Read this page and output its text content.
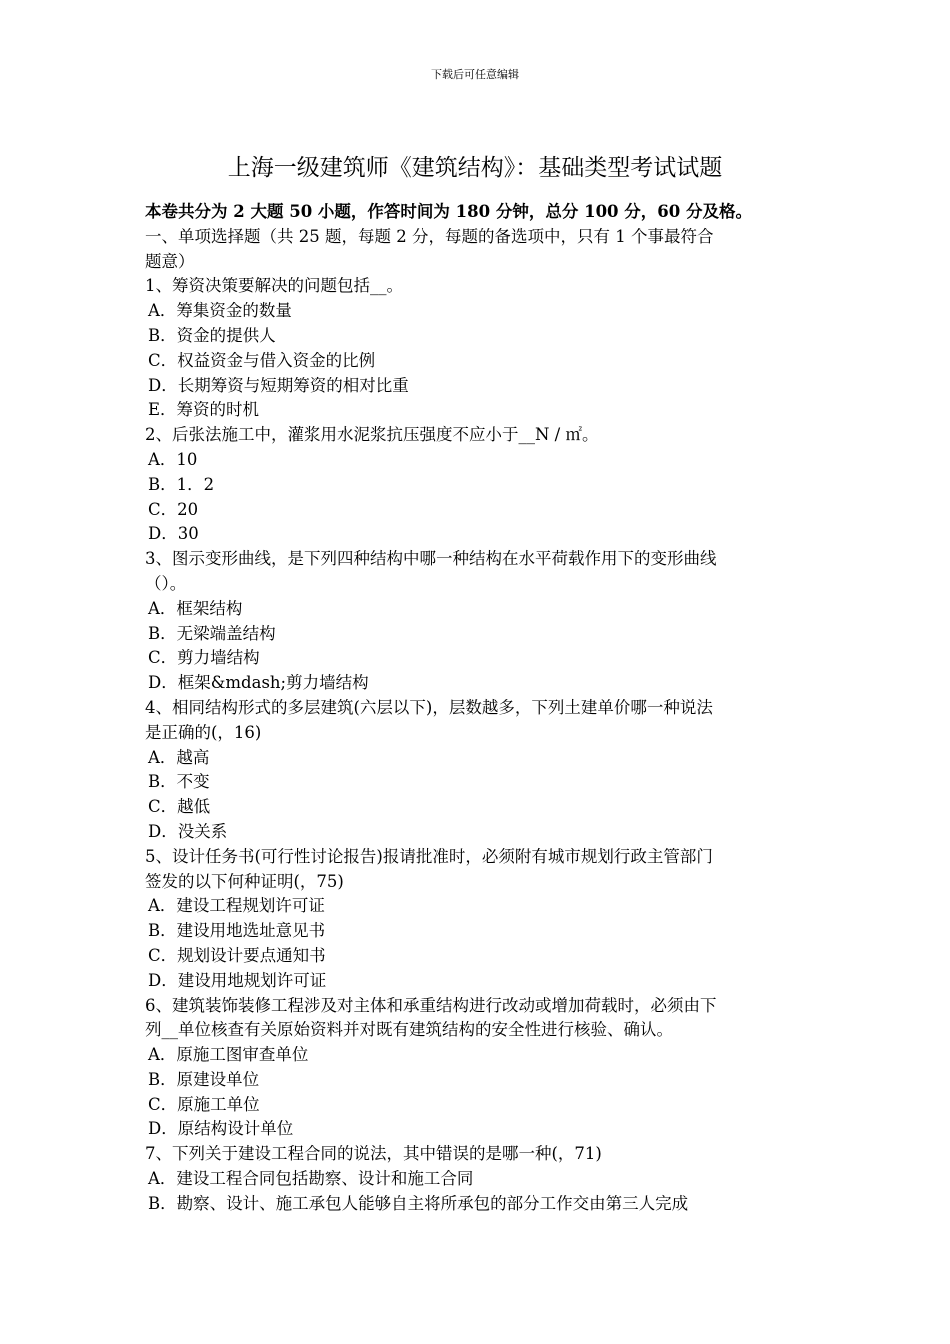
下载后可任意编辑
上海一级建筑师《建筑结构》：基础类型考试试题
本卷共分为 2 大题 50 小题，作答时间为 180 分钟，总分 100 分，60 分及格。
一、单项选择题（共 25 题，每题 2 分，每题的备选项中，只有 1 个事最符合
题意）
1、筹资决策要解决的问题包括__。
A．筹集资金的数量
B．资金的提供人
C．权益资金与借入资金的比例
D．长期筹资与短期筹资的相对比重
E．筹资的时机
2、后张法施工中，灌浆用水泥浆抗压强度不应小于__N / ㎡。
A．10
B．1．2
C．20
D．30
3、图示变形曲线，是下列四种结构中哪一种结构在水平荷载作用下的变形曲线
（）。
A．框架结构
B．无梁端盖结构
C．剪力墙结构
D．框架&mdash;剪力墙结构
4、相同结构形式的多层建筑(六层以下)，层数越多，下列土建单价哪一种说法
是正确的(，16)
A．越高
B．不变
C．越低
D．没关系
5、设计任务书(可行性讨论报告)报请批准时，必须附有城市规划行政主管部门
签发的以下何种证明(，75)
A．建设工程规划许可证
B．建设用地选址意见书
C．规划设计要点通知书
D．建设用地规划许可证
6、建筑装饰装修工程涉及对主体和承重结构进行改动或增加荷载时，必须由下
列__单位核查有关原始资料并对既有建筑结构的安全性进行核验、确认。
A．原施工图审查单位
B．原建设单位
C．原施工单位
D．原结构设计单位
7、下列关于建设工程合同的说法，其中错误的是哪一种(，71)
A．建设工程合同包括勘察、设计和施工合同
B．勘察、设计、施工承包人能够自主将所承包的部分工作交由第三人完成
